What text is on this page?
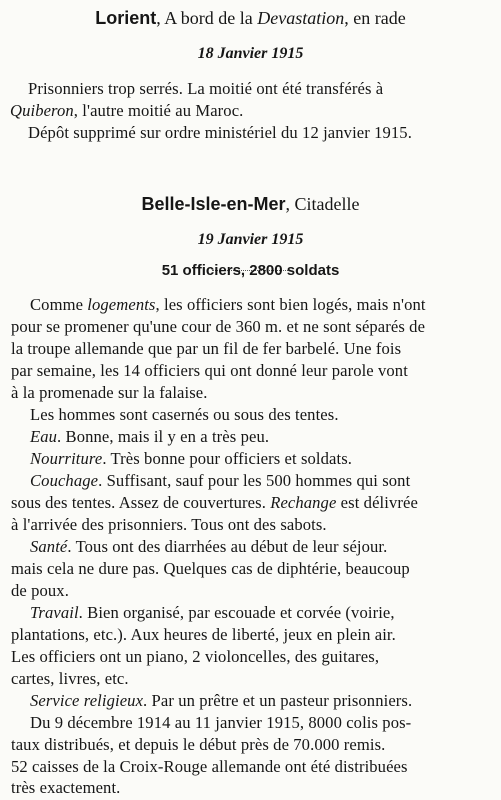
Lorient, A bord de la Devastation, en rade
18 Janvier 1915
Prisonniers trop serrés. La moitié ont été transférés à
Quiberon, l'autre moitié au Maroc.
Dépôt supprimé sur ordre ministériel du 12 janvier 1915.
Belle-Isle-en-Mer, Citadelle
19 Janvier 1915
51 officiers, 2800 soldats
Comme logements, les officiers sont bien logés, mais n'ont
pour se promener qu'une cour de 360 m. et ne sont séparés de
la troupe allemande que par un fil de fer barbelé. Une fois
par semaine, les 14 officiers qui ont donné leur parole vont
à la promenade sur la falaise.
Les hommes sont casernés ou sous des tentes.
Eau. Bonne, mais il y en a très peu.
Nourriture. Très bonne pour officiers et soldats.
Couchage. Suffisant, sauf pour les 500 hommes qui sont
sous des tentes. Assez de couvertures. Rechange est délivrée
à l'arrivée des prisonniers. Tous ont des sabots.
Santé. Tous ont des diarrhées au début de leur séjour.
mais cela ne dure pas. Quelques cas de diphtérie, beaucoup
de poux.
Travail. Bien organisé, par escouade et corvée (voirie,
plantations, etc.). Aux heures de liberté, jeux en plein air.
Les officiers ont un piano, 2 violoncelles, des guitares,
cartes, livres, etc.
Service religieux. Par un prêtre et un pasteur prisonniers.
Du 9 décembre 1914 au 11 janvier 1915, 8000 colis pos-
taux distribués, et depuis le début près de 70.000 remis.
52 caisses de la Croix-Rouge allemande ont été distribuées
très exactement.
